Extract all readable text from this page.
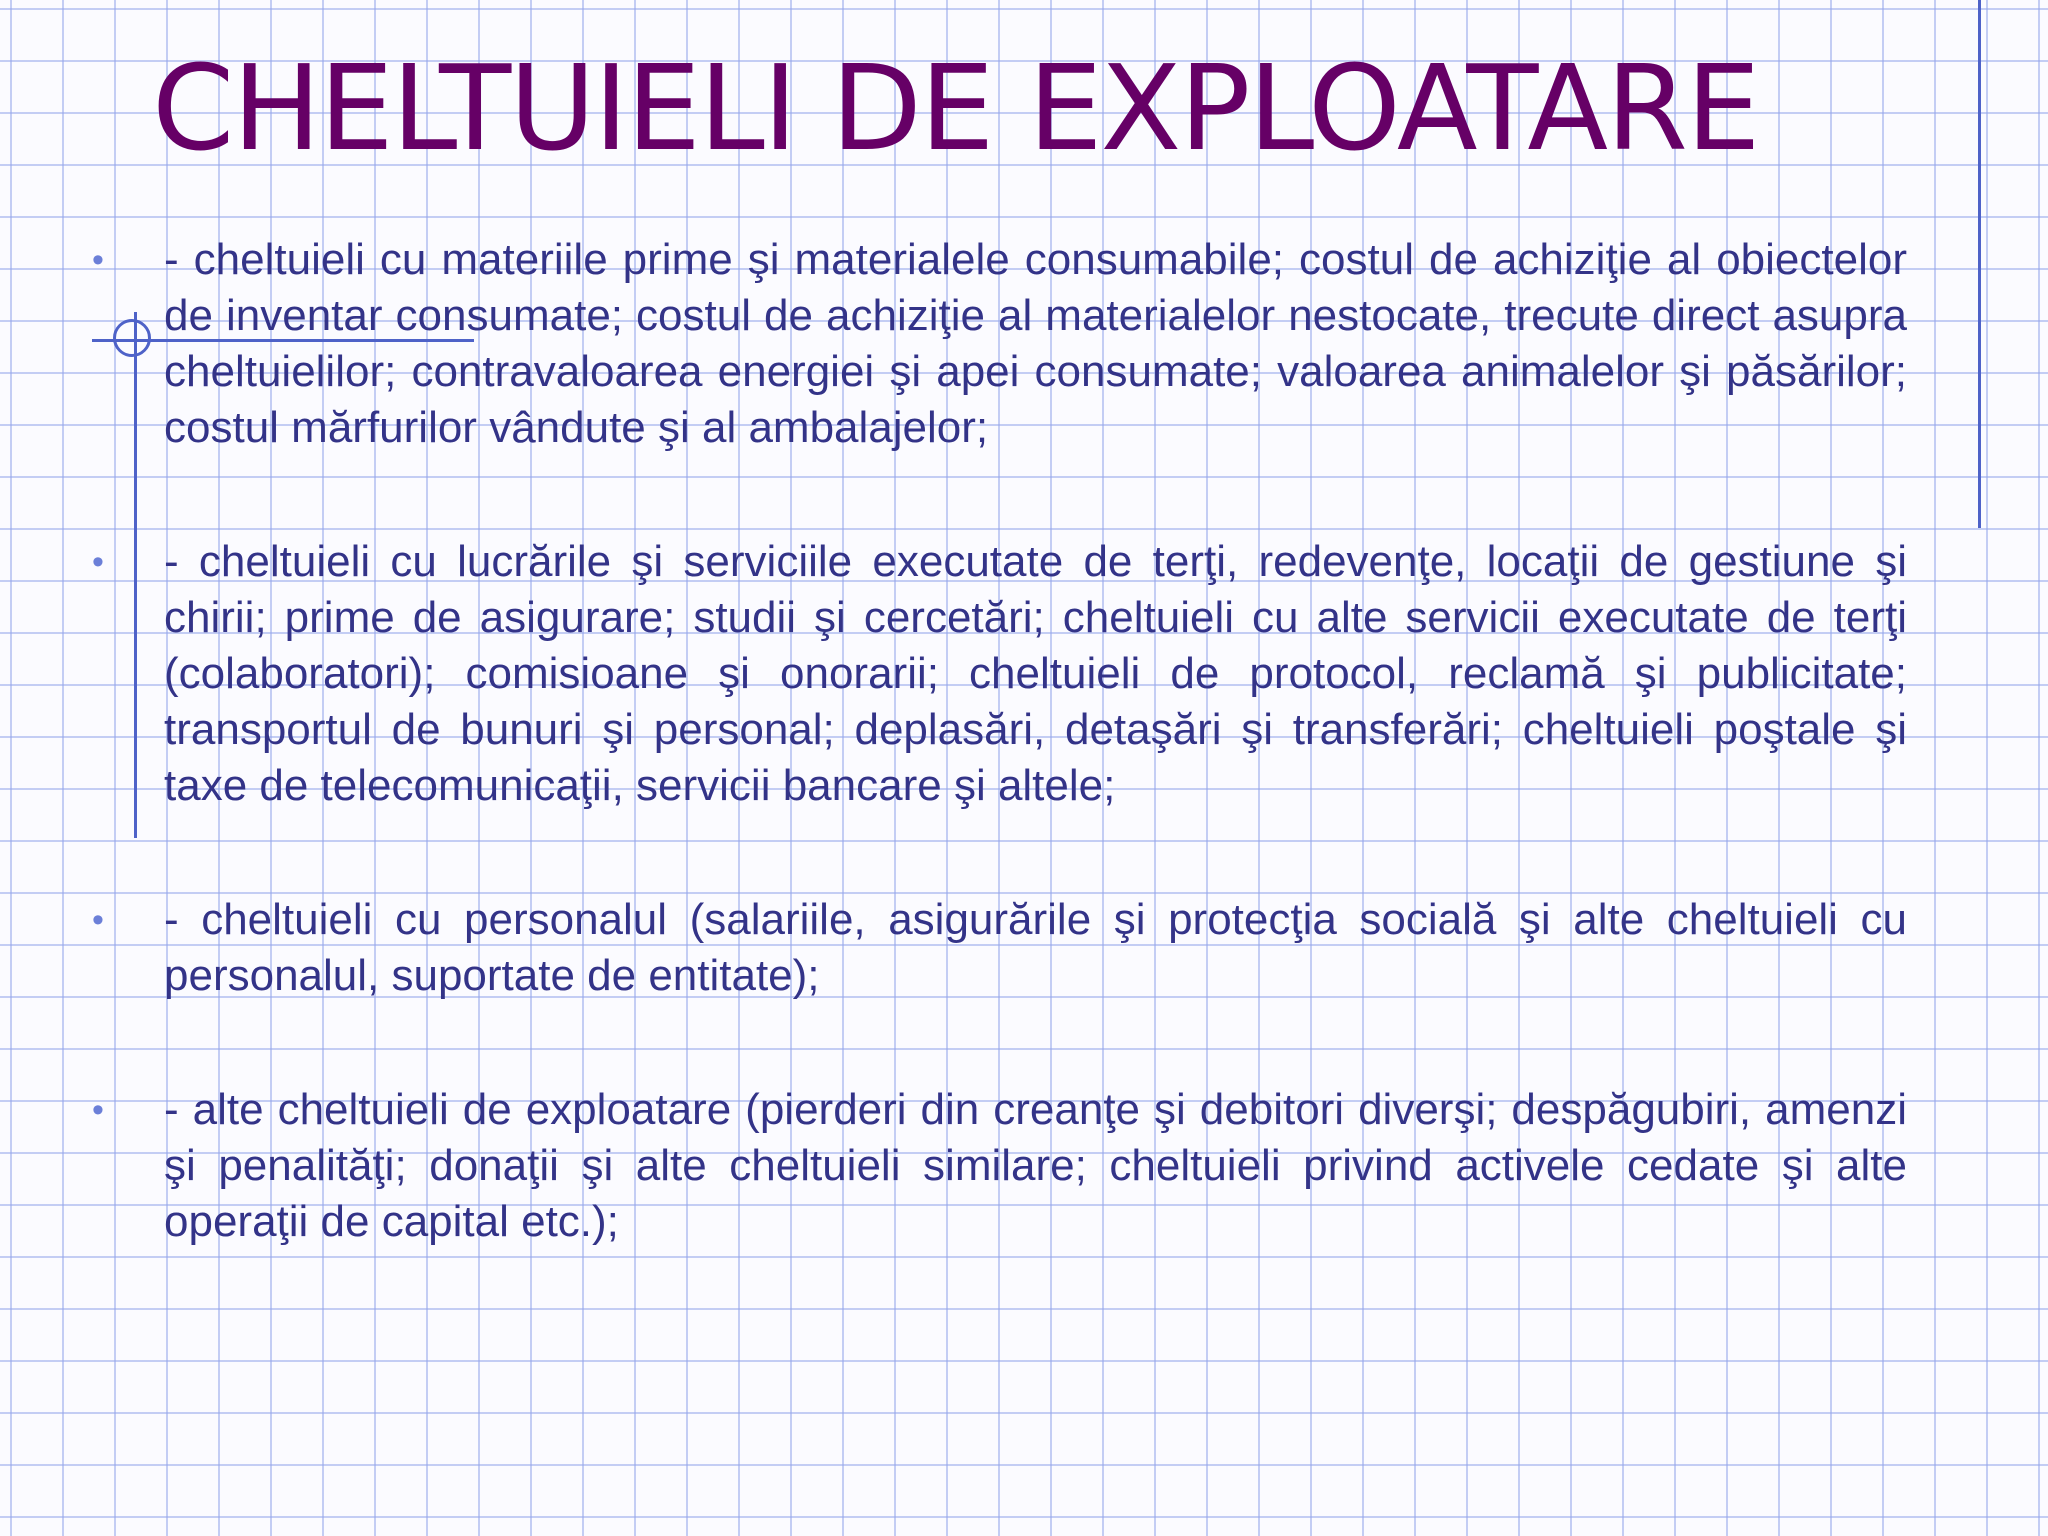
CHELTUIELI DE EXPLOATARE
• - cheltuieli cu materiile prime şi materialele consumabile; costul de achiziţie al obiectelor de inventar consumate; costul de achiziţie al materialelor nestocate, trecute direct asupra cheltuielilor; contravaloarea energiei şi apei consumate; valoarea animalelor şi păsărilor; costul mărfurilor vândute şi al ambalajelor;
• - cheltuieli cu lucrările şi serviciile executate de terţi, redevenţe, locaţii de gestiune şi chirii; prime de asigurare; studii şi cercetări; cheltuieli cu alte servicii executate de terţi (colaboratori); comisioane şi onorarii; cheltuieli de protocol, reclamă şi publicitate; transportul de bunuri şi personal; deplasări, detaşări şi transferări; cheltuieli poştale şi taxe de telecomunicaţii, servicii bancare şi altele;
• - cheltuieli cu personalul (salariile, asigurările şi protecţia socială şi alte cheltuieli cu personalul, suportate de entitate);
• - alte cheltuieli de exploatare (pierderi din creanţe şi debitori diverşi; despăgubiri, amenzi şi penalităţi; donaţii şi alte cheltuieli similare; cheltuieli privind activele cedate şi alte operaţii de capital etc.);
